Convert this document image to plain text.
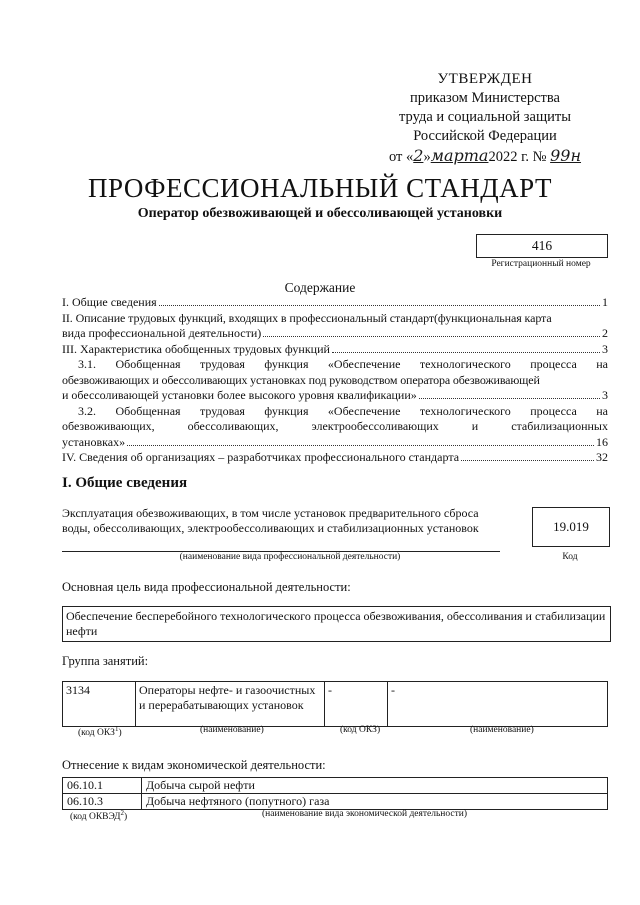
УТВЕРЖДЕН
приказом Министерства
труда и социальной защиты
Российской Федерации
от «2»марта2022 г. № 99н
ПРОФЕССИОНАЛЬНЫЙ СТАНДАРТ
Оператор обезвоживающей и обессоливающей установки
416
Регистрационный номер
Содержание
I. Общие сведения	1
II. Описание трудовых функций, входящих в профессиональный стандарт(функциональная карта
вида профессиональной деятельности)	2
III. Характеристика обобщенных трудовых функций	3
3.1. Обобщенная трудовая функция «Обеспечение технологического процесса на
обезвоживающих и обессоливающих установках под руководством оператора обезвоживающей
и обессоливающей установки более высокого уровня квалификации»	3
3.2. Обобщенная трудовая функция «Обеспечение технологического процесса на
обезвоживающих, обессоливающих, электрообессоливающих и стабилизационных
установках»	16
IV. Сведения об организациях – разработчиках профессионального стандарта	32
I. Общие сведения
Эксплуатация обезвоживающих, в том числе установок предварительного сброса воды, обессоливающих, электрообессоливающих и стабилизационных установок
(наименование вида профессиональной деятельности)
19.019
Код
Основная цель вида профессиональной деятельности:
Обеспечение бесперебойного технологического процесса обезвоживания, обессоливания и стабилизации нефти
Группа занятий:
3134	Операторы нефте- и газоочистных и перерабатывающих установок	-	-
(код ОКЗ$^1$)	(наименование)	(код ОКЗ)	(наименование)
Отнесение к видам экономической деятельности:
06.10.1	Добыча сырой нефти
06.10.3	Добыча нефтяного (попутного) газа
(код ОКВЭД$^2$)	(наименование вида экономической деятельности)
